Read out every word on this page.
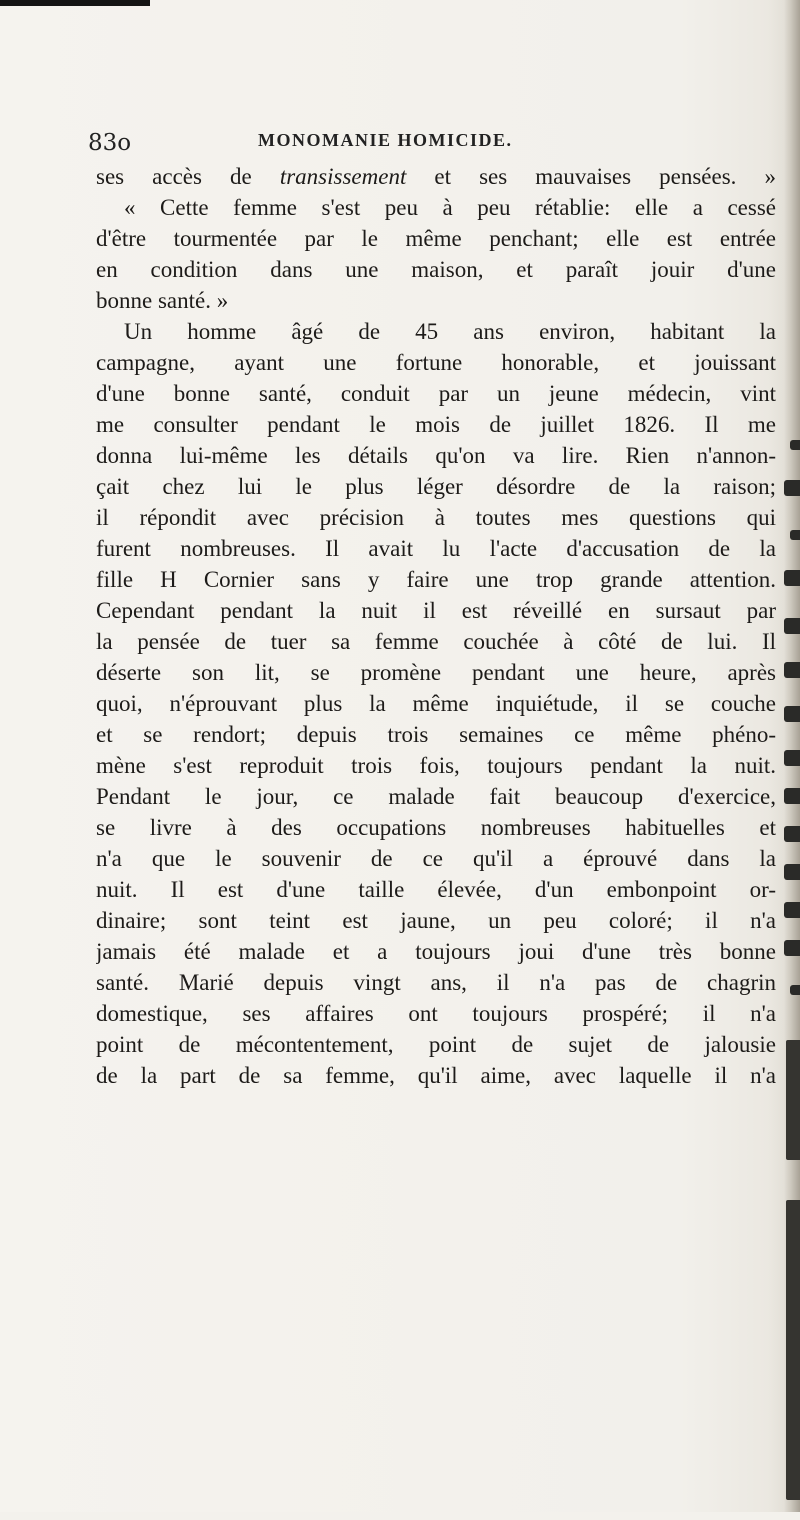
83o	MONOMANIE HOMICIDE.
ses accès de transissement et ses mauvaises pensées. »
« Cette femme s'est peu à peu rétablie: elle a cessé
d'être tourmentée par le même penchant; elle est entrée
en condition dans une maison, et paraît jouir d'une
bonne santé. »
Un homme âgé de 45 ans environ, habitant la
campagne, ayant une fortune honorable, et jouissant
d'une bonne santé, conduit par un jeune médecin, vint
me consulter pendant le mois de juillet 1826. Il me
donna lui-même les détails qu'on va lire. Rien n'annon-
çait chez lui le plus léger désordre de la raison;
il répondit avec précision à toutes mes questions qui
furent nombreuses. Il avait lu l'acte d'accusation de la
fille H Cornier sans y faire une trop grande attention.
Cependant pendant la nuit il est réveillé en sursaut par
la pensée de tuer sa femme couchée à côté de lui. Il
déserte son lit, se promène pendant une heure, après
quoi, n'éprouvant plus la même inquiétude, il se couche
et se rendort; depuis trois semaines ce même phéno-
mène s'est reproduit trois fois, toujours pendant la nuit.
Pendant le jour, ce malade fait beaucoup d'exercice,
se livre à des occupations nombreuses habituelles et
n'a que le souvenir de ce qu'il a éprouvé dans la
nuit. Il est d'une taille élevée, d'un embonpoint or-
dinaire; sont teint est jaune, un peu coloré; il n'a
jamais été malade et a toujours joui d'une très bonne
santé. Marié depuis vingt ans, il n'a pas de chagrin
domestique, ses affaires ont toujours prospéré; il n'a
point de mécontentement, point de sujet de jalousie
de la part de sa femme, qu'il aime, avec laquelle il n'a
